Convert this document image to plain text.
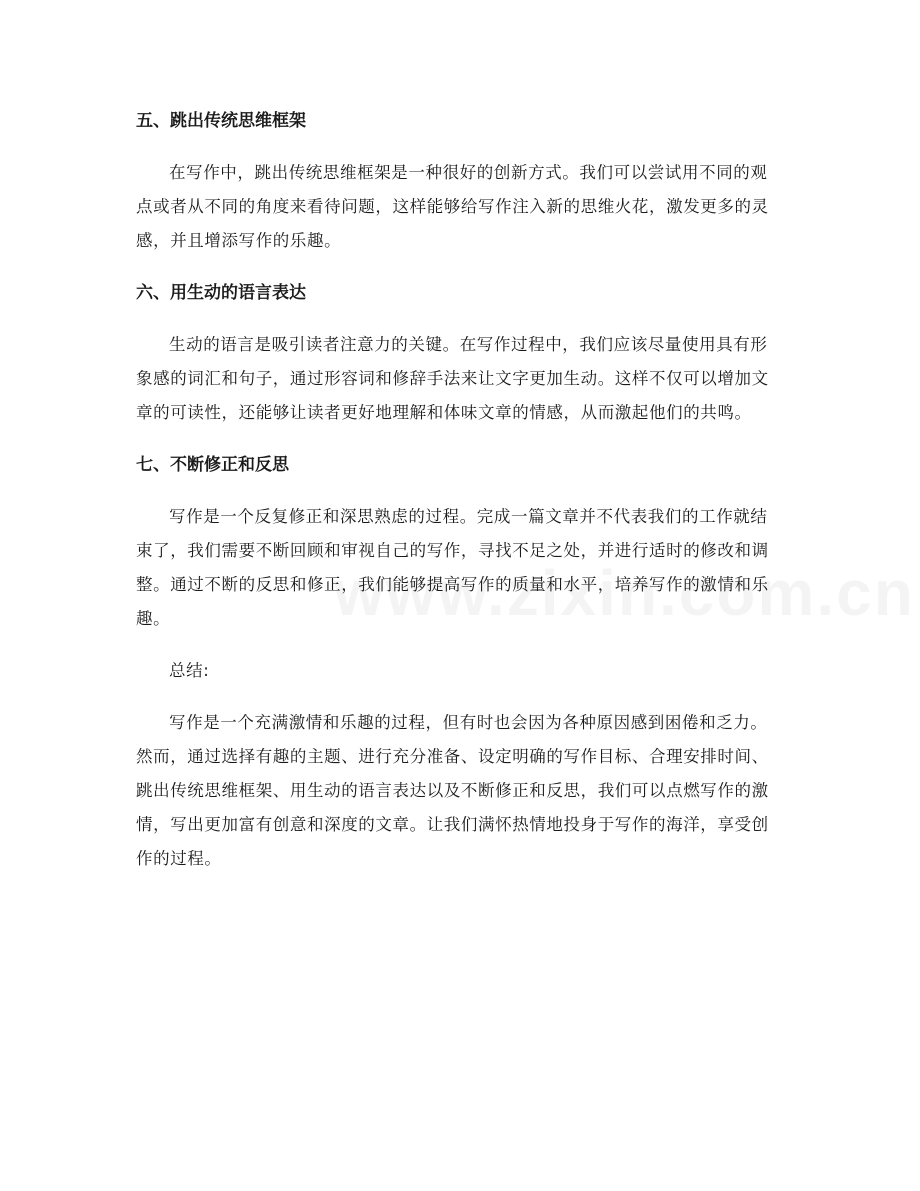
五、跳出传统思维框架

在写作中，跳出传统思维框架是一种很好的创新方式。我们可以尝试用不同的观点或者从不同的角度来看待问题，这样能够给写作注入新的思维火花，激发更多的灵感，并且增添写作的乐趣。

六、用生动的语言表达

生动的语言是吸引读者注意力的关键。在写作过程中，我们应该尽量使用具有形象感的词汇和句子，通过形容词和修辞手法来让文字更加生动。这样不仅可以增加文章的可读性，还能够让读者更好地理解和体味文章的情感，从而激起他们的共鸣。

七、不断修正和反思

写作是一个反复修正和深思熟虑的过程。完成一篇文章并不代表我们的工作就结束了，我们需要不断回顾和审视自己的写作，寻找不足之处，并进行适时的修改和调整。通过不断的反思和修正，我们能够提高写作的质量和水平，培养写作的激情和乐趣。

总结:

写作是一个充满激情和乐趣的过程，但有时也会因为各种原因感到困倦和乏力。然而，通过选择有趣的主题、进行充分准备、设定明确的写作目标、合理安排时间、跳出传统思维框架、用生动的语言表达以及不断修正和反思，我们可以点燃写作的激情，写出更加富有创意和深度的文章。让我们满怀热情地投身于写作的海洋，享受创作的过程。
